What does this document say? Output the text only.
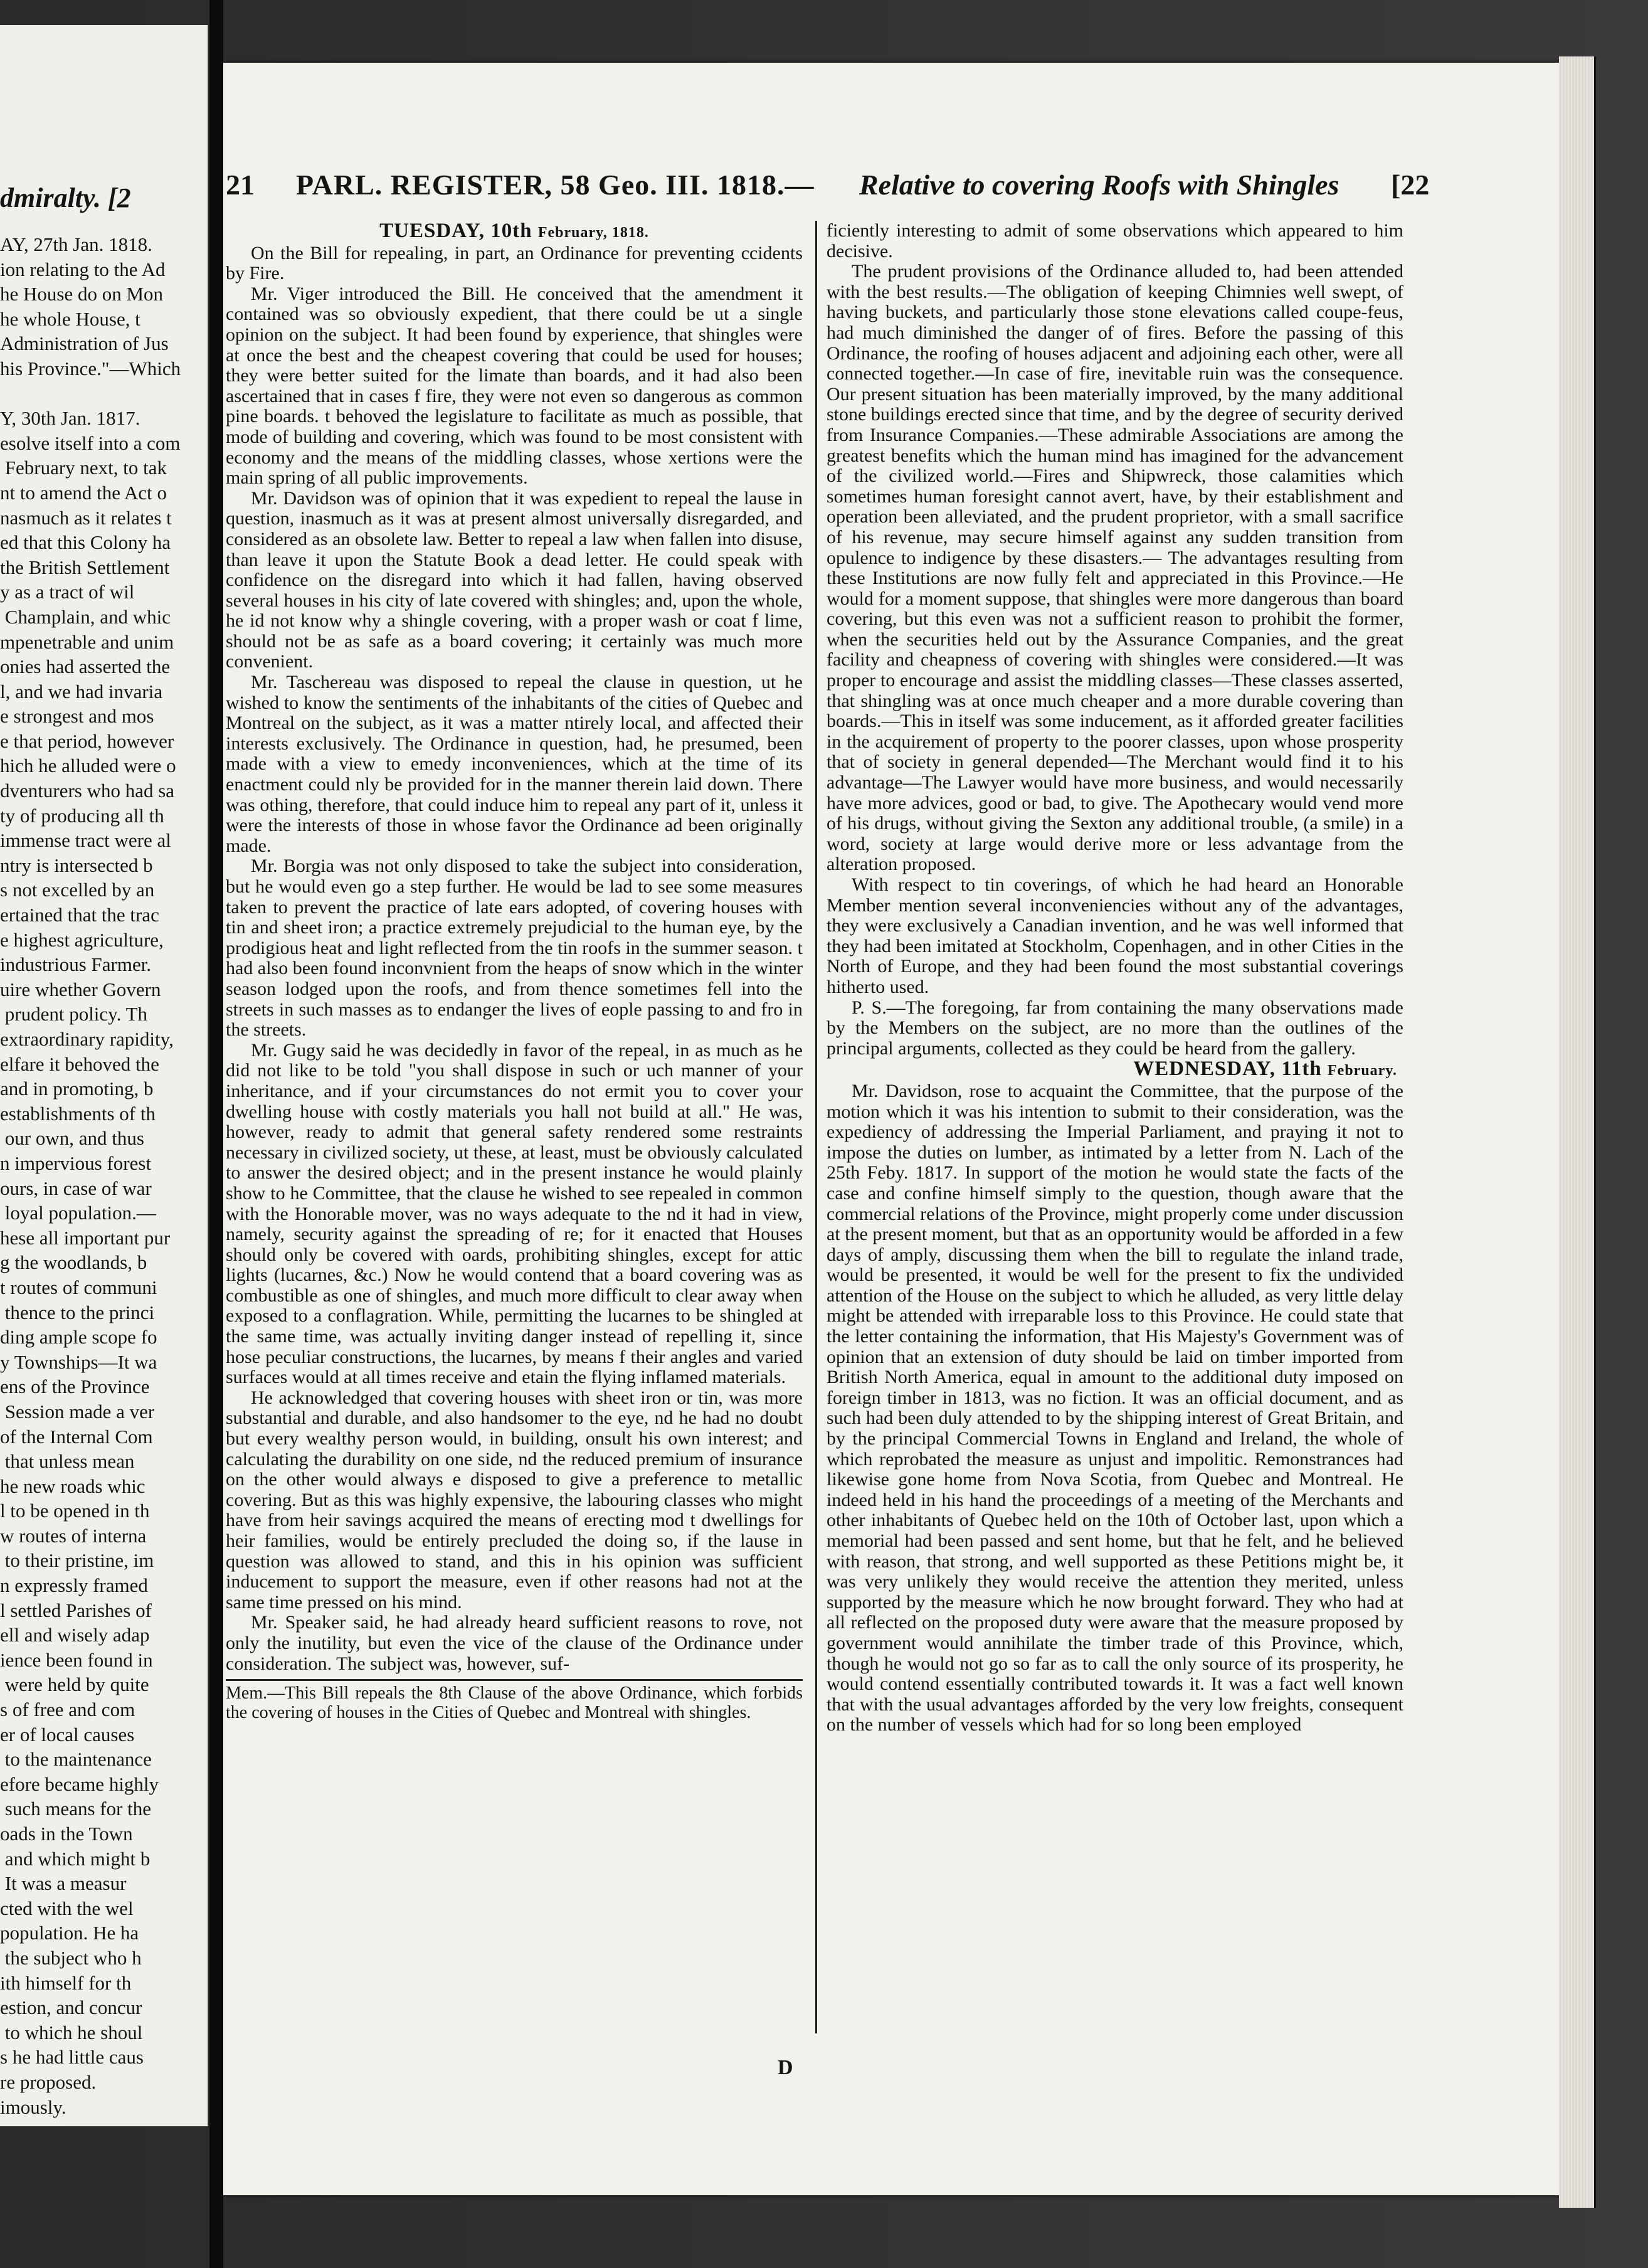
dmiralty. [2
AY, 27th Jan. 1818.
ion relating to the Ad
he House do on Mon
he whole House, t
Administration of Jus
his Province."—Which

Y, 30th Jan. 1817.
esolve itself into a com
February next, to tak
nt to amend the Act o
nasmuch as it relates t
ed that this Colony ha
the British Settlement
y as a tract of wil
Champlain, and whic
mpenetrable and unim
onies had asserted the
l, and we had invaria
e strongest and mos
e that period, however
hich he alluded were o
dventurers who had sa
ty of producing all th
immense tract were al
ntry is intersected b
s not excelled by an
ertained that the trac
e highest agriculture,
industrious Farmer.
uire whether Govern
prudent policy. Th
extraordinary rapidity,
elfare it behoved the
and in promoting, b
establishments of th
our own, and thus
n impervious forest
ours, in case of war
loyal population.—
hese all important pur
g the woodlands, b
t routes of communi
thence to the princi
ding ample scope fo
y Townships—It wa
ens of the Province
Session made a ver
of the Internal Com
that unless mean
he new roads whic
l to be opened in th
w routes of interna
to their pristine, im
n expressly framed
l settled Parishes of
ell and wisely adap
ience been found in
were held by quite
s of free and com
er of local causes
to the maintenance
efore became highly
such means for the
oads in the Town
and which might b
It was a measur
cted with the wel
population. He ha
the subject who h
ith himself for th
estion, and concur
to which he shoul
s he had little caus
re proposed.
imously.
21 PARL. REGISTER, 58 Geo. III. 1818.— Relative to covering Roofs with Shingles [22

TUESDAY, 10th February, 1818.

On the Bill for repealing, in part, an Ordinance for preventing ccidents by Fire.

Mr. Viger introduced the Bill. He conceived that the amendment it contained was so obviously expedient, that there could be ut a single opinion on the subject. It had been found by experience, that shingles were at once the best and the cheapest covering that could be used for houses; they were better suited for the limate than boards, and it had also been ascertained that in cases f fire, they were not even so dangerous as common pine boards. t behoved the legislature to facilitate as much as possible, that mode of building and covering, which was found to be most consistent with economy and the means of the middling classes, whose xertions were the main spring of all public improvements.

Mr. Davidson was of opinion that it was expedient to repeal the lause in question, inasmuch as it was at present almost universally disregarded, and considered as an obsolete law. Better to repeal a law when fallen into disuse, than leave it upon the Statute Book a dead letter. He could speak with confidence on the disregard into which it had fallen, having observed several houses in his city of late covered with shingles; and, upon the whole, he id not know why a shingle covering, with a proper wash or coat f lime, should not be as safe as a board covering; it certainly was much more convenient.

Mr. Taschereau was disposed to repeal the clause in question, ut he wished to know the sentiments of the inhabitants of the cities of Quebec and Montreal on the subject, as it was a matter ntirely local, and affected their interests exclusively. The Ordinance in question, had, he presumed, been made with a view to emedy inconveniences, which at the time of its enactment could nly be provided for in the manner therein laid down. There was othing, therefore, that could induce him to repeal any part of it, unless it were the interests of those in whose favor the Ordinance ad been originally made.

Mr. Borgia was not only disposed to take the subject into consideration, but he would even go a step further. He would be lad to see some measures taken to prevent the practice of late ears adopted, of covering houses with tin and sheet iron; a practice extremely prejudicial to the human eye, by the prodigious heat and light reflected from the tin roofs in the summer season. t had also been found inconvnient from the heaps of snow which in the winter season lodged upon the roofs, and from thence sometimes fell into the streets in such masses as to endanger the lives of eople passing to and fro in the streets.

Mr. Gugy said he was decidedly in favor of the repeal, in as much as he did not like to be told "you shall dispose in such or uch manner of your inheritance, and if your circumstances do not ermit you to cover your dwelling house with costly materials you hall not build at all." He was, however, ready to admit that general safety rendered some restraints necessary in civilized society, ut these, at least, must be obviously calculated to answer the desired object; and in the present instance he would plainly show to he Committee, that the clause he wished to see repealed in common with the Honorable mover, was no ways adequate to the nd it had in view, namely, security against the spreading of re; for it enacted that Houses should only be covered with oards, prohibiting shingles, except for attic lights (lucarnes, &c.) Now he would contend that a board covering was as combustible as one of shingles, and much more difficult to clear away when exposed to a conflagration. While, permitting the lucarnes to be shingled at the same time, was actually inviting danger instead of repelling it, since hose peculiar constructions, the lucarnes, by means f their angles and varied surfaces would at all times receive and etain the flying inflamed materials.

He acknowledged that covering houses with sheet iron or tin, was more substantial and durable, and also handsomer to the eye, nd he had no doubt but every wealthy person would, in building, onsult his own interest; and calculating the durability on one side, nd the reduced premium of insurance on the other would always e disposed to give a preference to metallic covering. But as this was highly expensive, the labouring classes who might have from heir savings acquired the means of erecting mod t dwellings for heir families, would be entirely precluded the doing so, if the lause in question was allowed to stand, and this in his opinion was sufficient inducement to support the measure, even if other reasons had not at the same time pressed on his mind.

Mr. Speaker said, he had already heard sufficient reasons to rove, not only the inutility, but even the vice of the clause of the Ordinance under consideration. The subject was, however, suf-

Mem.—This Bill repeals the 8th Clause of the above Ordinance, which forbids the covering of houses in the Cities of Quebec and Montreal with shingles.

D

ficiently interesting to admit of some observations which appeared to him decisive.

The prudent provisions of the Ordinance alluded to, had been attended with the best results.—The obligation of keeping Chimnies well swept, of having buckets, and particularly those stone elevations called coupe-feus, had much diminished the danger of of fires. Before the passing of this Ordinance, the roofing of houses adjacent and adjoining each other, were all connected together.—In case of fire, inevitable ruin was the consequence. Our present situation has been materially improved, by the many additional stone buildings erected since that time, and by the degree of security derived from Insurance Companies.—These admirable Associations are among the greatest benefits which the human mind has imagined for the advancement of the civilized world.—Fires and Shipwreck, those calamities which sometimes human foresight cannot avert, have, by their establishment and operation been alleviated, and the prudent proprietor, with a small sacrifice of his revenue, may secure himself against any sudden transition from opulence to indigence by these disasters.— The advantages resulting from these Institutions are now fully felt and appreciated in this Province.—He would for a moment suppose, that shingles were more dangerous than board covering, but this even was not a sufficient reason to prohibit the former, when the securities held out by the Assurance Companies, and the great facility and cheapness of covering with shingles were considered.—It was proper to encourage and assist the middling classes—These classes asserted, that shingling was at once much cheaper and a more durable covering than boards.—This in itself was some inducement, as it afforded greater facilities in the acquirement of property to the poorer classes, upon whose prosperity that of society in general depended—The Merchant would find it to his advantage—The Lawyer would have more business, and would necessarily have more advices, good or bad, to give. The Apothecary would vend more of his drugs, without giving the Sexton any additional trouble, (a smile) in a word, society at large would derive more or less advantage from the alteration proposed.

With respect to tin coverings, of which he had heard an Honorable Member mention several inconveniencies without any of the advantages, they were exclusively a Canadian invention, and he was well informed that they had been imitated at Stockholm, Copenhagen, and in other Cities in the North of Europe, and they had been found the most substantial coverings hitherto used.

P. S.—The foregoing, far from containing the many observations made by the Members on the subject, are no more than the outlines of the principal arguments, collected as they could be heard from the gallery.

WEDNESDAY, 11th February.

Mr. Davidson, rose to acquaint the Committee, that the purpose of the motion which it was his intention to submit to their consideration, was the expediency of addressing the Imperial Parliament, and praying it not to impose the duties on lumber, as intimated by a letter from N. Lach of the 25th Feby. 1817. In support of the motion he would state the facts of the case and confine himself simply to the question, though aware that the commercial relations of the Province, might properly come under discussion at the present moment, but that as an opportunity would be afforded in a few days of amply, discussing them when the bill to regulate the inland trade, would be presented, it would be well for the present to fix the undivided attention of the House on the subject to which he alluded, as very little delay might be attended with irreparable loss to this Province. He could state that the letter containing the information, that His Majesty's Government was of opinion that an extension of duty should be laid on timber imported from British North America, equal in amount to the additional duty imposed on foreign timber in 1813, was no fiction. It was an official document, and as such had been duly attended to by the shipping interest of Great Britain, and by the principal Commercial Towns in England and Ireland, the whole of which reprobated the measure as unjust and impolitic. Remonstrances had likewise gone home from Nova Scotia, from Quebec and Montreal. He indeed held in his hand the proceedings of a meeting of the Merchants and other inhabitants of Quebec held on the 10th of October last, upon which a memorial had been passed and sent home, but that he felt, and he believed with reason, that strong, and well supported as these Petitions might be, it was very unlikely they would receive the attention they merited, unless supported by the measure which he now brought forward. They who had at all reflected on the proposed duty were aware that the measure proposed by government would annihilate the timber trade of this Province, which, though he would not go so far as to call the only source of its prosperity, he would contend essentially contributed towards it. It was a fact well known that with the usual advantages afforded by the very low freights, consequent on the number of vessels which had for so long been employed
